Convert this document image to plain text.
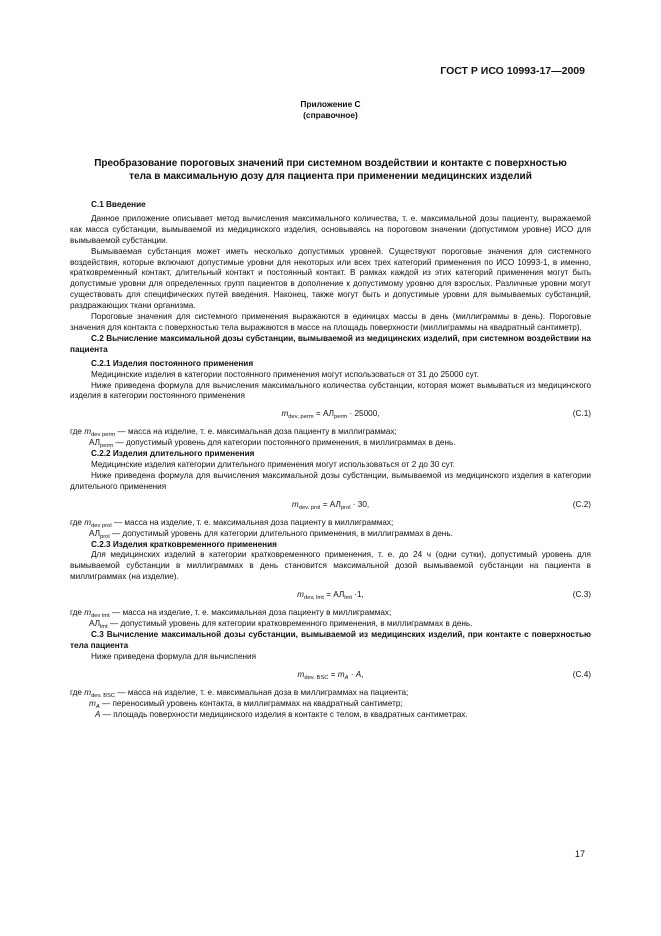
ГОСТ Р ИСО 10993-17—2009
Приложение С
(справочное)
Преобразование пороговых значений при системном воздействии и контакте с поверхностью
тела в максимальную дозу для пациента при применении медицинских изделий

С.1 Введение

Данное приложение описывает метод вычисления максимального количества, т. е. максимальной дозы пациенту, выражаемой как масса субстанции, вымываемой из медицинского изделия, основываясь на пороговом значении (допустимом уровне) ИСО для вымываемой субстанции.

Вымываемая субстанция может иметь несколько допустимых уровней. Существуют пороговые значения для системного воздействия, которые включают допустимые уровни для некоторых или всех трех категорий применения по ИСО 10993-1, в именно, кратковременный контакт, длительный контакт и постоянный контакт. В рамках каждой из этих категорий применения могут быть допустимые уровни для определенных групп пациентов в дополнение к допустимому уровню для взрослых. Различные уровни могут существовать для специфических путей введения. Наконец, также могут быть и допустимые уровни для вымываемых субстанций, раздражающих ткани организма.

Пороговые значения для системного применения выражаются в единицах массы в день (миллиграммы в день). Пороговые значения для контакта с поверхностью тела выражаются в массе на площадь поверхности (миллиграммы на квадратный сантиметр).

С.2 Вычисление максимальной дозы субстанции, вымываемой из медицинских изделий, при системном воздействии на пациента

С.2.1 Изделия постоянного применения

Медицинские изделия в категории постоянного применения могут использоваться от 31 до 25000 сут.

Ниже приведена формула для вычисления максимального количества субстанции, которая может вымываться из медицинского изделия в категории постоянного применения

$m_{dev, perm} = АЛ_{perm} \cdot 25000$,	(С.1)

где $m_{dev perm}$ — масса на изделие, т. е. максимальная доза пациенту в миллиграммах;

$АЛ_{perm}$ — допустимый уровень для категории постоянного применения, в миллиграммах в день.

С.2.2 Изделия длительного применения

Медицинские изделия категории длительного применения могут использоваться от 2 до 30 сут.

Ниже приведена формула для вычисления максимальной дозы субстанции, вымываемой из медицинского изделия в категории длительного применения

$m_{dev. prol} = АЛ_{prol} \cdot 30$,	(С.2)

где $m_{dev prol}$ — масса на изделие, т. е. максимальная доза пациенту в миллиграммах;

$АЛ_{prol}$ — допустимый уровень для категории длительного применения, в миллиграммах в день.

С.2.3 Изделия кратковременного применения

Для медицинских изделий в категории кратковременного применения, т. е. до 24 ч (одни сутки), допустимый уровень для вымываемой субстанции в миллиграммах в день становится максимальной дозой вымываемой субстанции на пациента в миллиграммах (на изделие).

$m_{dev, lmt} = АЛ_{lmt} \cdot 1$,	(С.3)

где $m_{dev lmt}$ — масса на изделие, т. е. максимальная доза пациенту в миллиграммах;

$АЛ_{lmt}$ — допустимый уровень для категории кратковременного применения, в миллиграммах в день.

С.3 Вычисление максимальной дозы субстанции, вымываемой из медицинских изделий, при контакте с поверхностью тела пациента

Ниже приведена формула для вычисления

$m_{dev. BSC} = m_A \cdot A$,	(С.4)

где $m_{dev. BSC}$ — масса на изделие, т. е. максимальная доза в миллиграммах на пациента;

$m_A$ — переносимый уровень контакта, в миллиграммах на квадратный сантиметр;

A — площадь поверхности медицинского изделия в контакте с телом, в квадратных сантиметрах.

17
